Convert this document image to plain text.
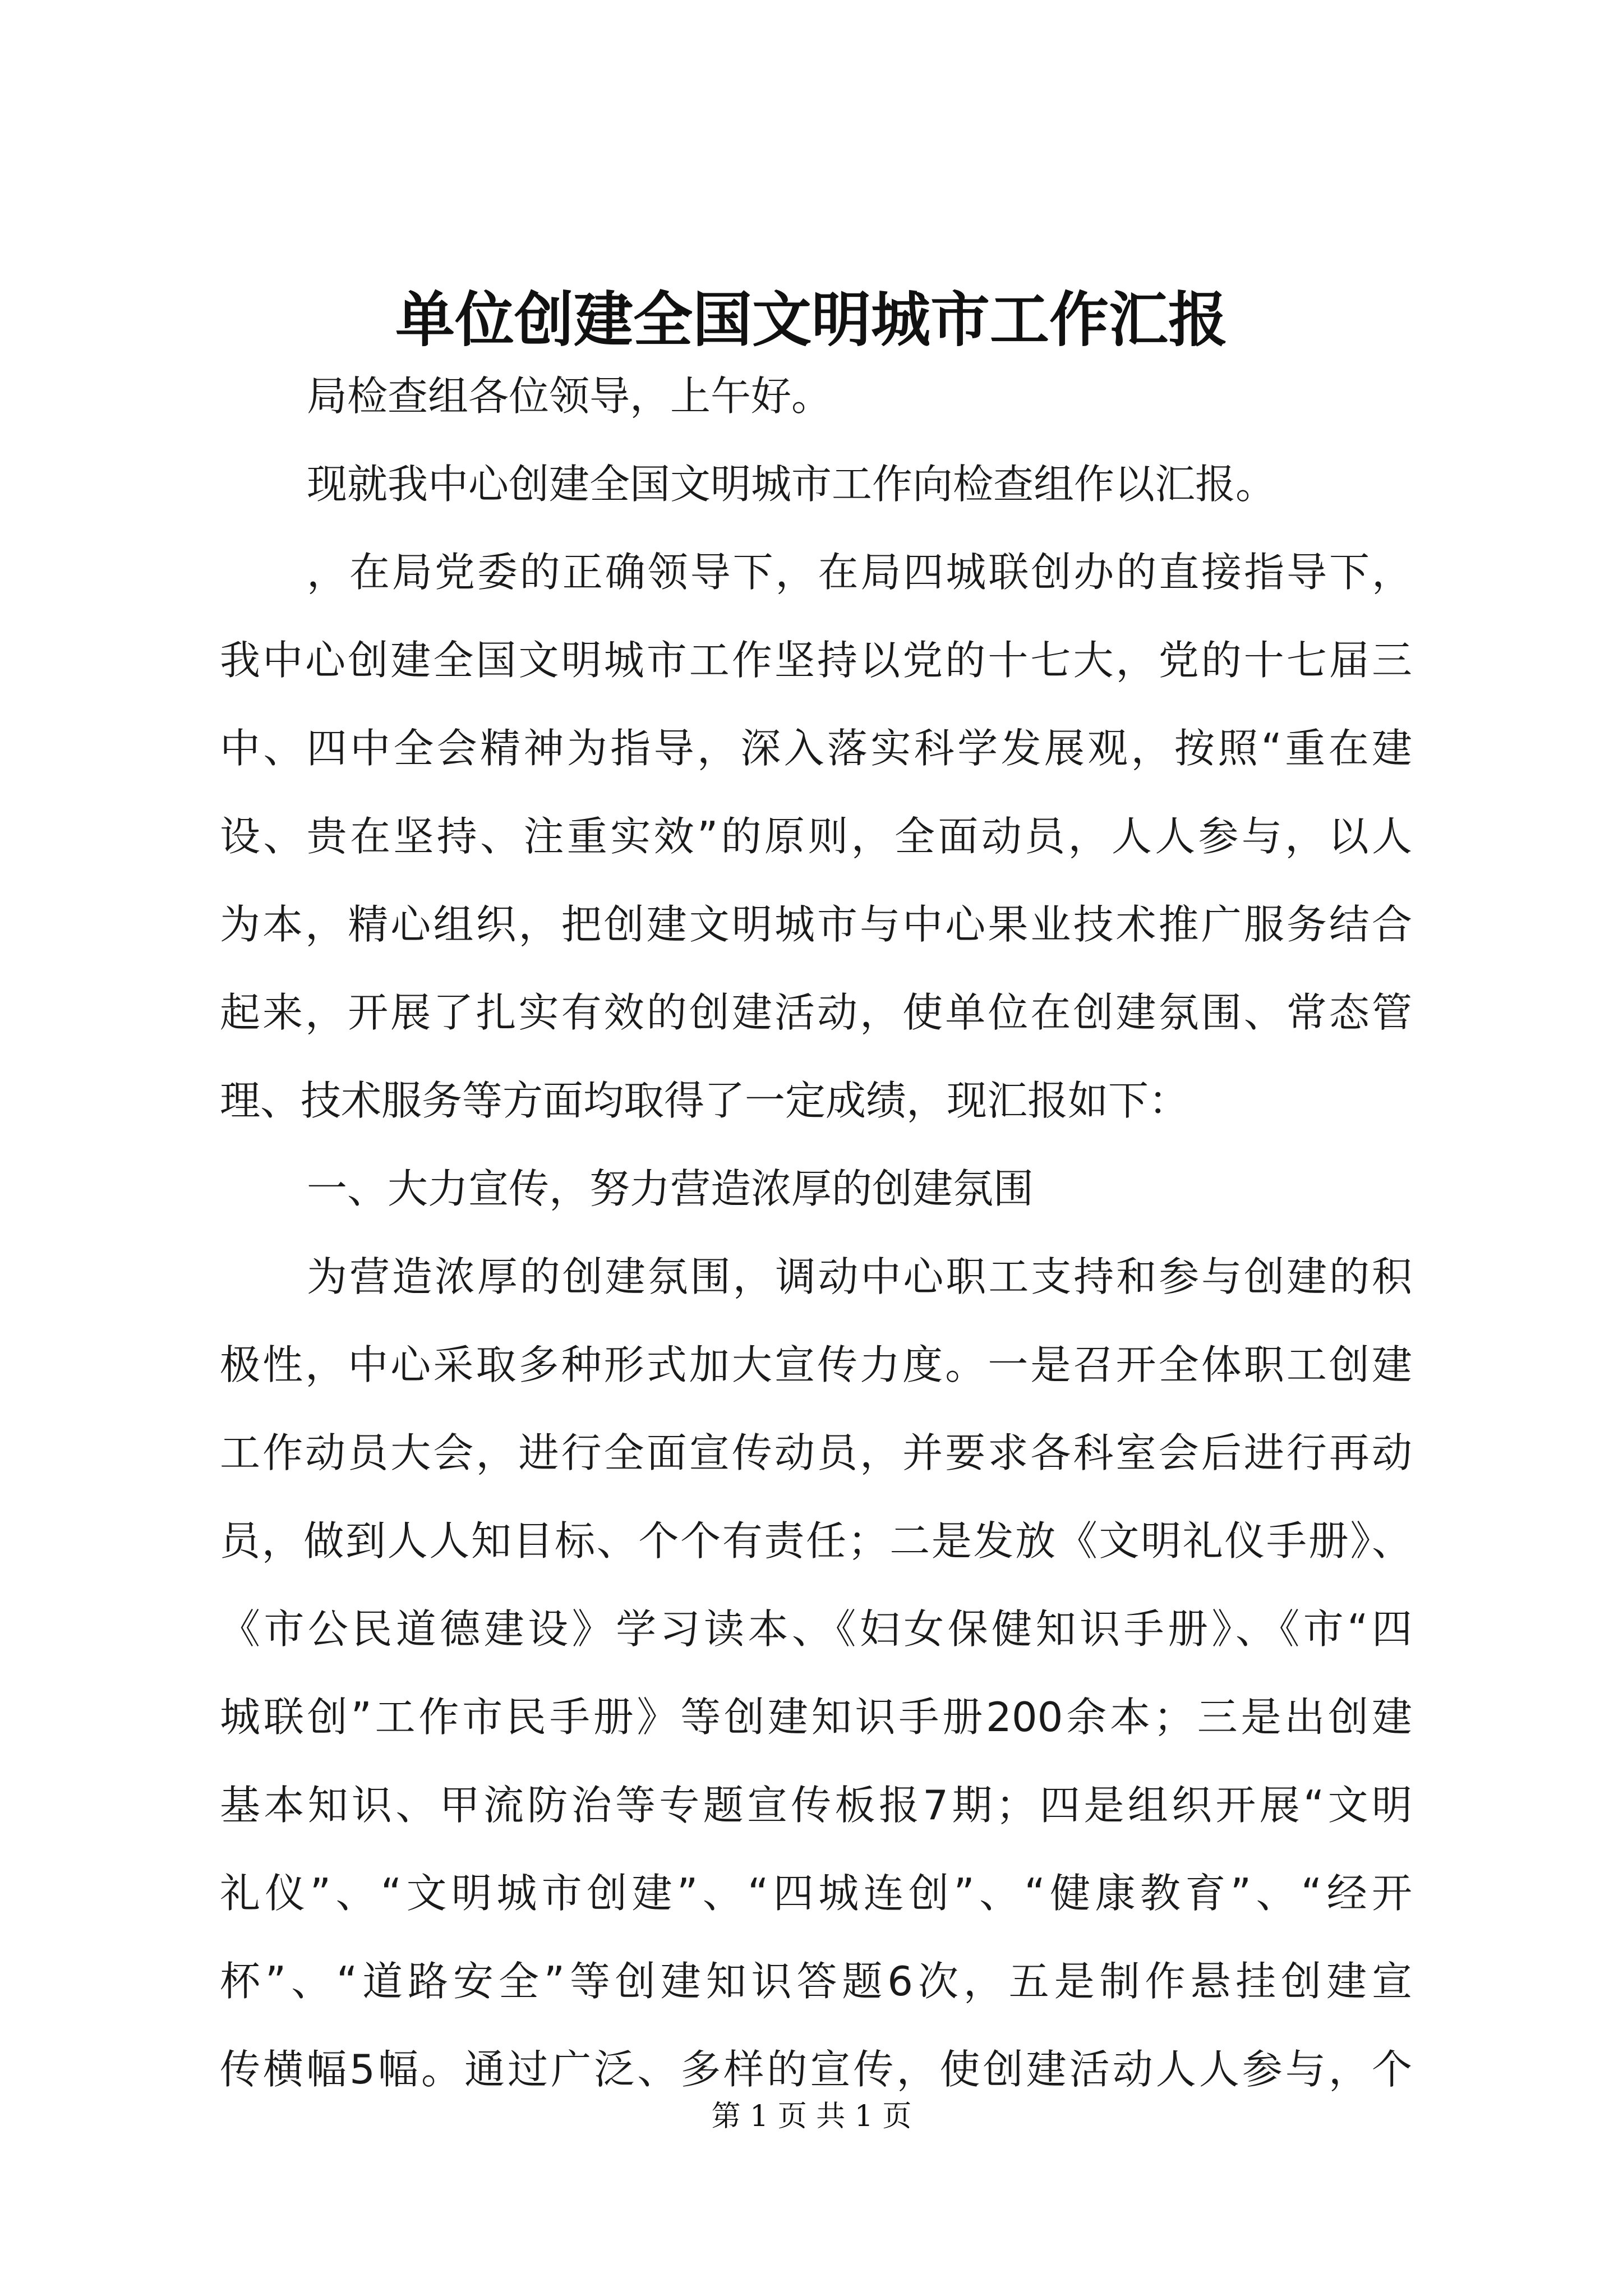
单位创建全国文明城市工作汇报
局检查组各位领导，上午好。
现就我中心创建全国文明城市工作向检查组作以汇报。
，在局党委的正确领导下，在局四城联创办的直接指导下，
我中心创建全国文明城市工作坚持以党的十七大，党的十七届三
中、四中全会精神为指导，深入落实科学发展观，按照“重在建
设、贵在坚持、注重实效”的原则，全面动员，人人参与，以人
为本，精心组织，把创建文明城市与中心果业技术推广服务结合
起来，开展了扎实有效的创建活动，使单位在创建氛围、常态管
理、技术服务等方面均取得了一定成绩，现汇报如下：
一、大力宣传，努力营造浓厚的创建氛围
为营造浓厚的创建氛围，调动中心职工支持和参与创建的积
极性，中心采取多种形式加大宣传力度。一是召开全体职工创建
工作动员大会，进行全面宣传动员，并要求各科室会后进行再动
员，做到人人知目标、个个有责任；二是发放《文明礼仪手册》、
《市公民道德建设》学习读本、《妇女保健知识手册》、《市“四
城联创”工作市民手册》等创建知识手册200余本；三是出创建
基本知识、甲流防治等专题宣传板报7期；四是组织开展“文明
礼仪”、“文明城市创建”、“四城连创”、“健康教育”、“经开
杯”、“道路安全”等创建知识答题6次，五是制作悬挂创建宣
传横幅5幅。通过广泛、多样的宣传，使创建活动人人参与，个
第 1 页 共 1 页
